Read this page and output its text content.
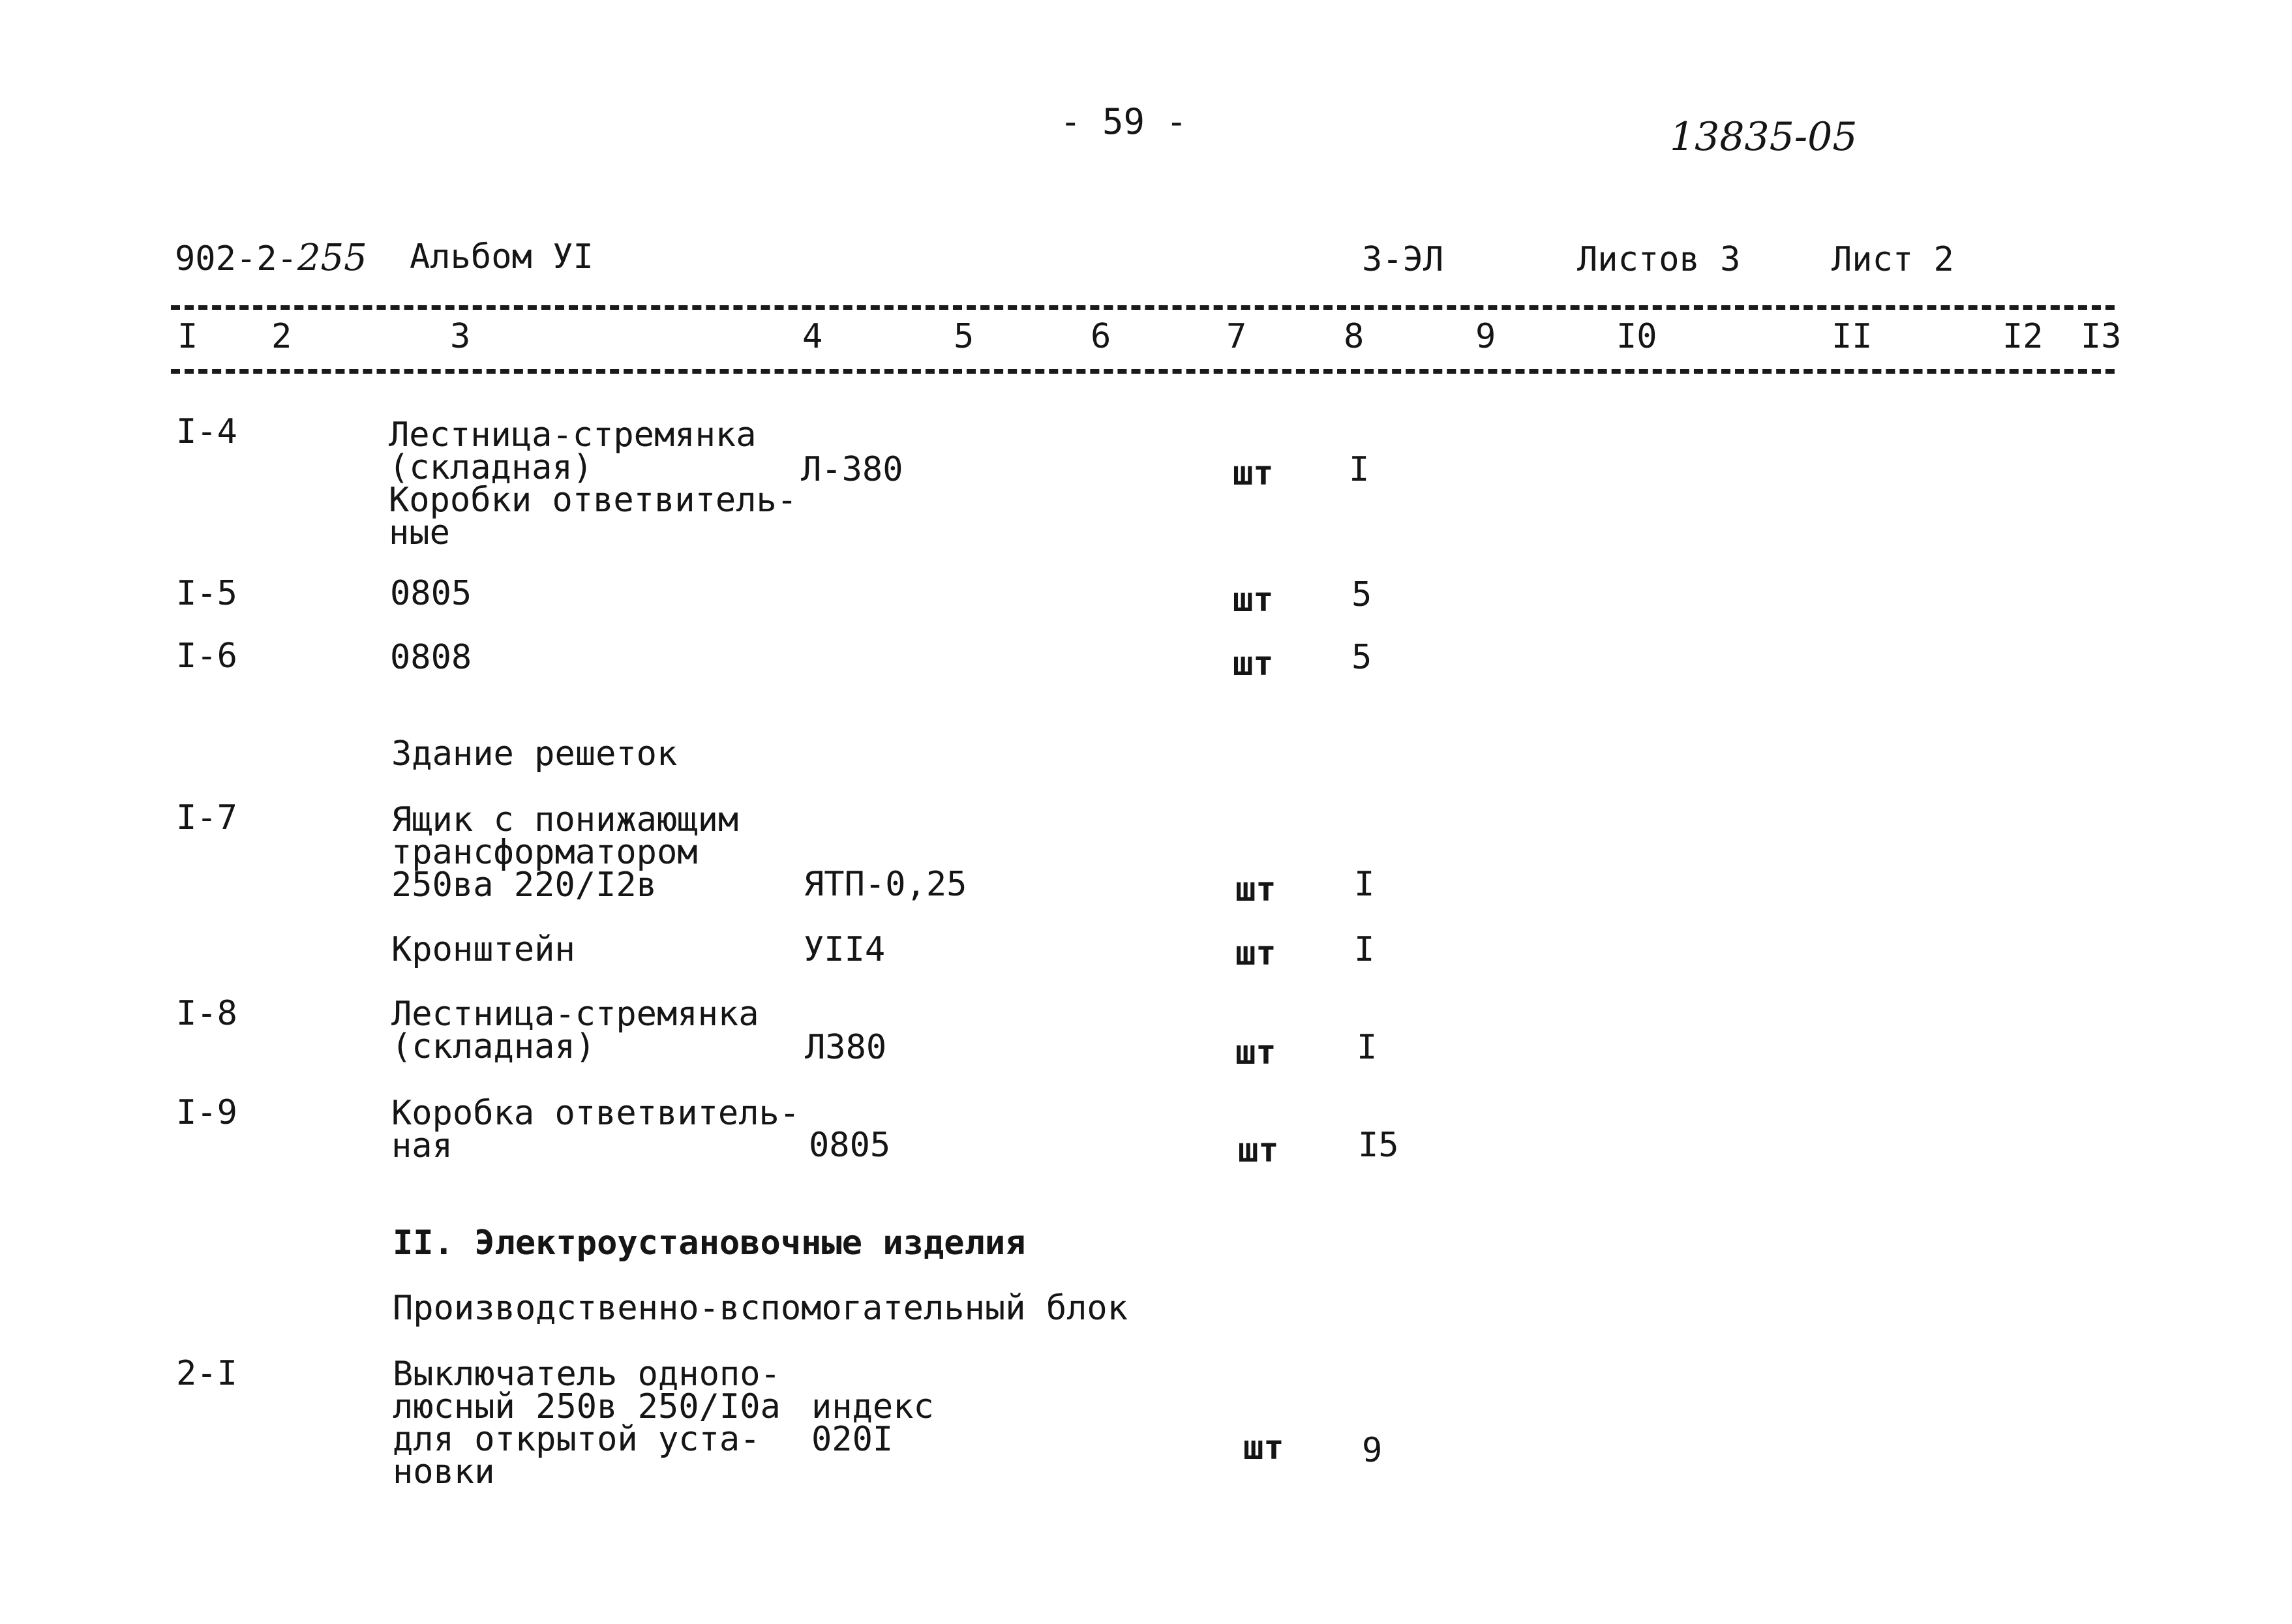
- 59 -	13835-05
902-2-255 Альбом УI	3-ЭЛ	Листов 3	Лист 2
I 2	3	4	5	6	7	8	9	I0	II	I2 I3
I-4	Лестница-стремянка
(складная)
Коробки ответвитель-
ные
Л-380	шт I
I-5	0805	шт 5
I-6	0808	шт 5
Здание решеток
I-7	Ящик с понижающим
трансформатором
250ва 220/I2в	ЯТП-0,25	шт I
Кронштейн	УII4	шт I
I-8	Лестница-стремянка
(складная)	Л380	шт I
I-9	Коробка ответвитель-
ная	0805	шт I5
II. Электроустановочные изделия
Производственно-вспомогательный блок
2-I	Выключатель однопо-
люсный 250в 250/I0а
для открытой уста-
новки
индекс
020I	шт 9
